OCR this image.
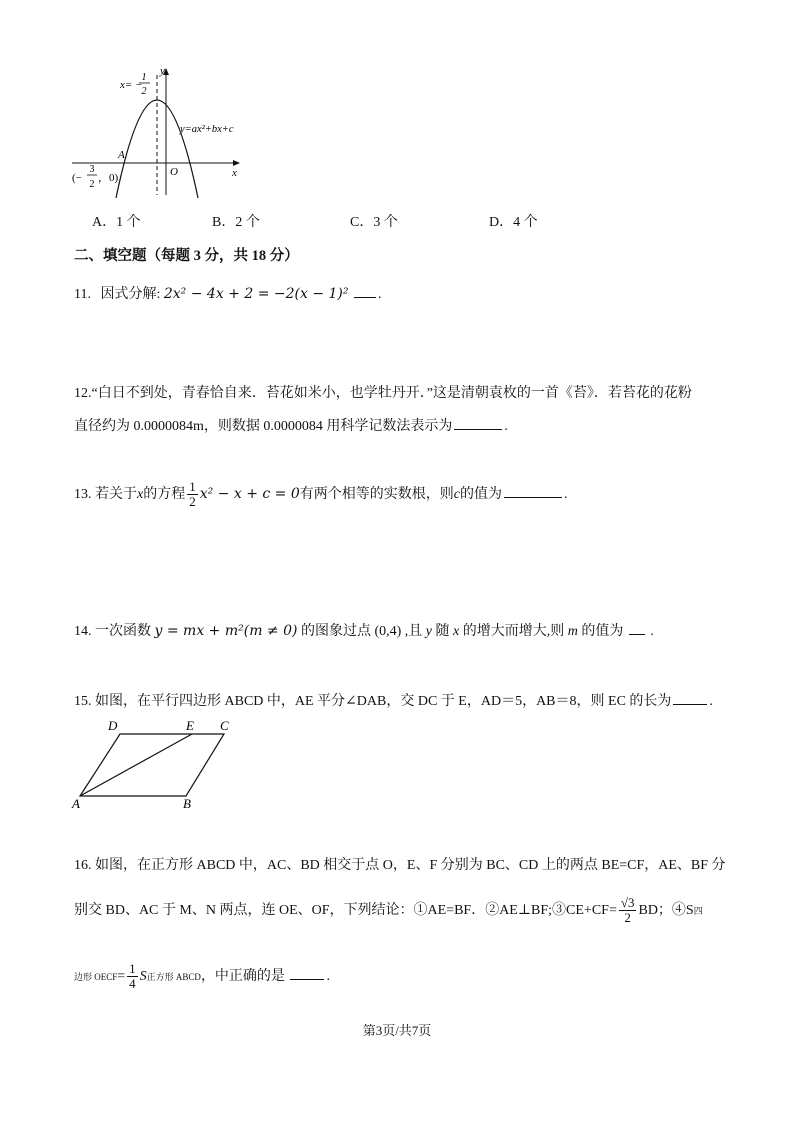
x= −
1
2
y
x
O
A
y=ax²+bx+c
(−
3
2
，0)
A．1 个	B．2 个	C．3 个	D．4 个
二、填空题（每题 3 分，共 18 分）
11. 因式分解: 2x² − 4x + 2 = −2(x − 1)² .
12.“白日不到处，青春恰自来．苔花如米小，也学牡丹开．”这是清朝袁枚的一首《苔》．若苔花的花粉
直径约为 0.0000084m，则数据 0.0000084 用科学记数法表示为	.
13. 若关于x的方程 $\frac{1}{2} x^2 - x + c = 0$有两个相等的实数根，则c的值为	.
14. 一次函数 y = mx + m²(m ≠ 0) 的图象过点 (0,4) ,且 y 随 x 的增大而增大,则 m 的值为  .
15. 如图，在平行四边形 ABCD 中，AE 平分∠DAB，交 DC 于 E，AD＝5，AB＝8，则 EC 的长为	.
D	E C
A	B
16. 如图，在正方形 ABCD 中，AC、BD 相交于点 O，E、F 分别为 BC、CD 上的两点 BE=CF，AE、BF 分
别交 BD、AC 于 M、N 两点，连 OE、OF，下列结论：①AE=BF．②AE⊥BF;③CE+CF= $\frac{√3}{2}$ BD；④S四
边形 OECF= $\frac{1}{4}$ S正方形 ABCD，中正确的是	.
第3页/共7页
